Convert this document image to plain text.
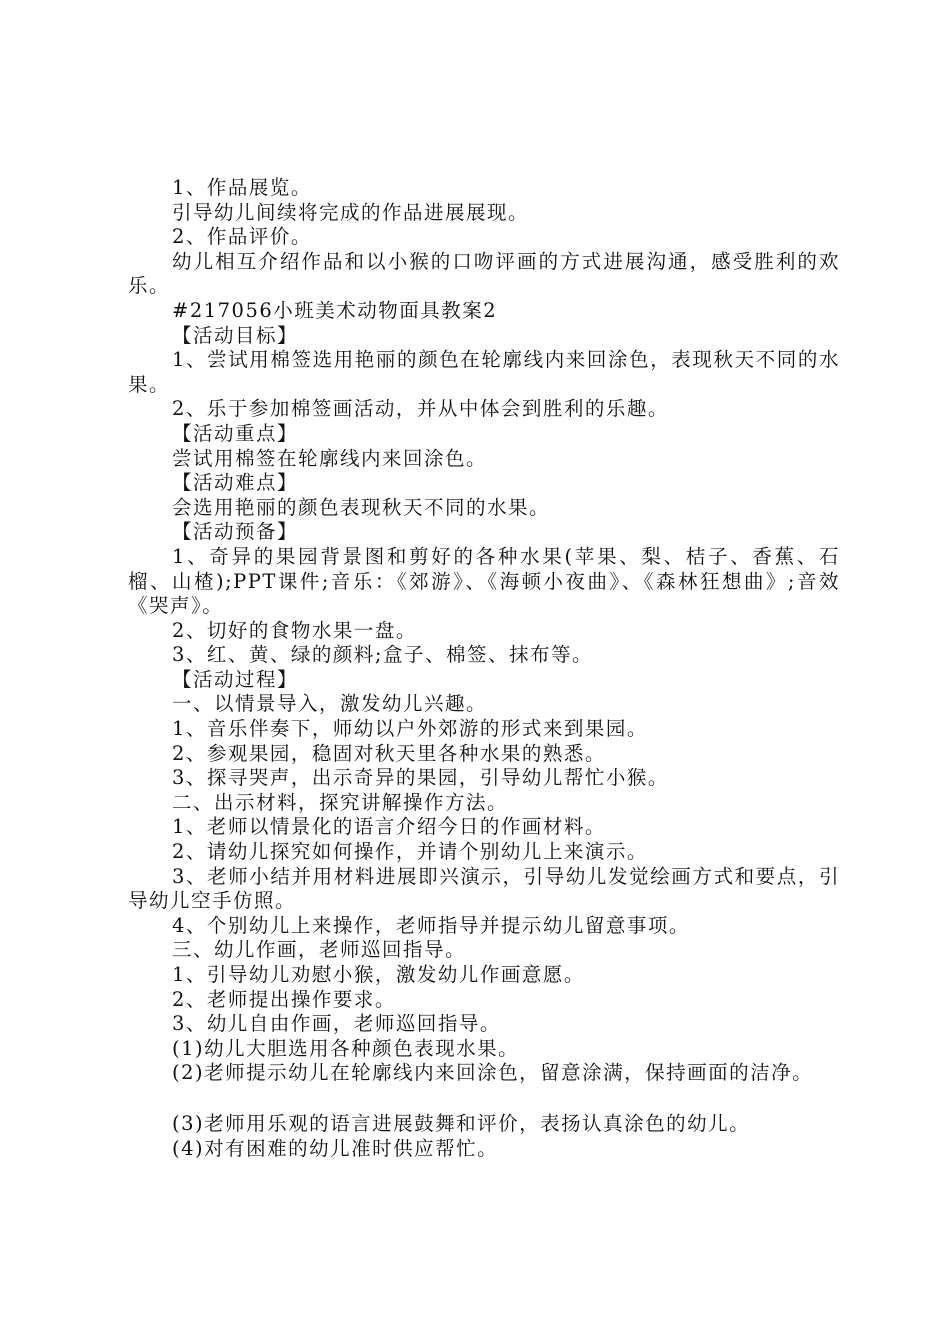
1、作品展览。

引导幼儿间续将完成的作品进展展现。

2、作品评价。

幼儿相互介绍作品和以小猴的口吻评画的方式进展沟通，感受胜利的欢乐。

#217056小班美术动物面具教案2

【活动目标】

1、尝试用棉签选用艳丽的颜色在轮廓线内来回涂色，表现秋天不同的水果。

2、乐于参加棉签画活动，并从中体会到胜利的乐趣。

【活动重点】

尝试用棉签在轮廓线内来回涂色。

【活动难点】

会选用艳丽的颜色表现秋天不同的水果。

【活动预备】

1、奇异的果园背景图和剪好的各种水果(苹果、梨、桔子、香蕉、石榴、山楂);PPT课件;音乐：《郊游》、《海顿小夜曲》、《森林狂想曲》;音效《哭声》。

2、切好的食物水果一盘。

3、红、黄、绿的颜料;盒子、棉签、抹布等。

【活动过程】

一、以情景导入，激发幼儿兴趣。

1、音乐伴奏下，师幼以户外郊游的形式来到果园。

2、参观果园，稳固对秋天里各种水果的熟悉。

3、探寻哭声，出示奇异的果园，引导幼儿帮忙小猴。

二、出示材料，探究讲解操作方法。

1、老师以情景化的语言介绍今日的作画材料。

2、请幼儿探究如何操作，并请个别幼儿上来演示。

3、老师小结并用材料进展即兴演示，引导幼儿发觉绘画方式和要点，引导幼儿空手仿照。

4、个别幼儿上来操作，老师指导并提示幼儿留意事项。

三、幼儿作画，老师巡回指导。

1、引导幼儿劝慰小猴，激发幼儿作画意愿。

2、老师提出操作要求。

3、幼儿自由作画，老师巡回指导。

(1)幼儿大胆选用各种颜色表现水果。

(2)老师提示幼儿在轮廓线内来回涂色，留意涂满，保持画面的洁净。

(3)老师用乐观的语言进展鼓舞和评价，表扬认真涂色的幼儿。

(4)对有困难的幼儿准时供应帮忙。
